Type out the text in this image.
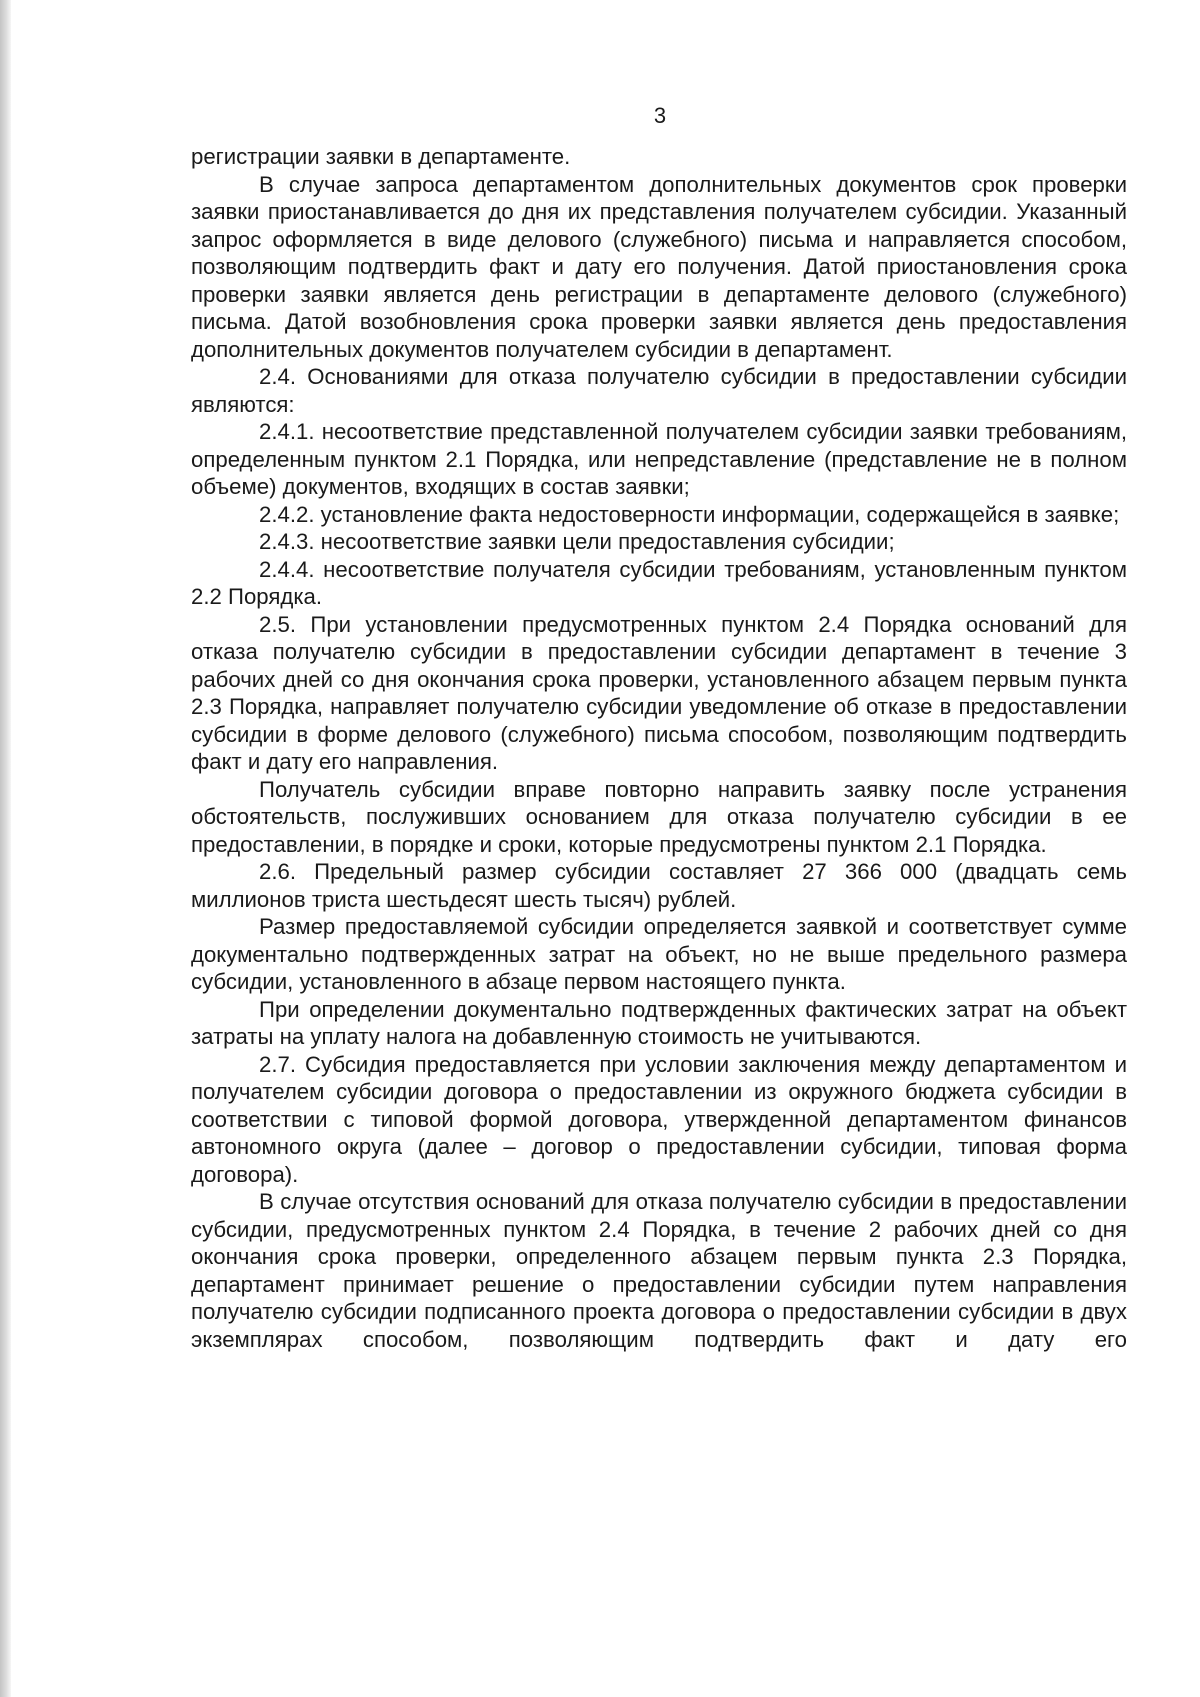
3

регистрации заявки в департаменте.

В случае запроса департаментом дополнительных документов срок проверки заявки приостанавливается до дня их представления получателем субсидии. Указанный запрос оформляется в виде делового (служебного) письма и направляется способом, позволяющим подтвердить факт и дату его получения. Датой приостановления срока проверки заявки является день регистрации в департаменте делового (служебного) письма. Датой возобновления срока проверки заявки является день предоставления дополнительных документов получателем субсидии в департамент.

2.4. Основаниями для отказа получателю субсидии в предоставлении субсидии являются:

2.4.1. несоответствие представленной получателем субсидии заявки требованиям, определенным пунктом 2.1 Порядка, или непредставление (представление не в полном объеме) документов, входящих в состав заявки;

2.4.2. установление факта недостоверности информации, содержащейся в заявке;

2.4.3. несоответствие заявки цели предоставления субсидии;

2.4.4. несоответствие получателя субсидии требованиям, установленным пунктом 2.2 Порядка.

2.5. При установлении предусмотренных пунктом 2.4 Порядка оснований для отказа получателю субсидии в предоставлении субсидии департамент в течение 3 рабочих дней со дня окончания срока проверки, установленного абзацем первым пункта 2.3 Порядка, направляет получателю субсидии уведомление об отказе в предоставлении субсидии в форме делового (служебного) письма способом, позволяющим подтвердить факт и дату его направления.

Получатель субсидии вправе повторно направить заявку после устранения обстоятельств, послуживших основанием для отказа получателю субсидии в ее предоставлении, в порядке и сроки, которые предусмотрены пунктом 2.1 Порядка.

2.6. Предельный размер субсидии составляет 27 366 000 (двадцать семь миллионов триста шестьдесят шесть тысяч) рублей.

Размер предоставляемой субсидии определяется заявкой и соответствует сумме документально подтвержденных затрат на объект, но не выше предельного размера субсидии, установленного в абзаце первом настоящего пункта.

При определении документально подтвержденных фактических затрат на объект затраты на уплату налога на добавленную стоимость не учитываются.

2.7. Субсидия предоставляется при условии заключения между департаментом и получателем субсидии договора о предоставлении из окружного бюджета субсидии в соответствии с типовой формой договора, утвержденной департаментом финансов автономного округа (далее – договор о предоставлении субсидии, типовая форма договора).

В случае отсутствия оснований для отказа получателю субсидии в предоставлении субсидии, предусмотренных пунктом 2.4 Порядка, в течение 2 рабочих дней со дня окончания срока проверки, определенного абзацем первым пункта 2.3 Порядка, департамент принимает решение о предоставлении субсидии путем направления получателю субсидии подписанного проекта договора о предоставлении субсидии в двух экземплярах способом, позволяющим подтвердить факт и дату его
